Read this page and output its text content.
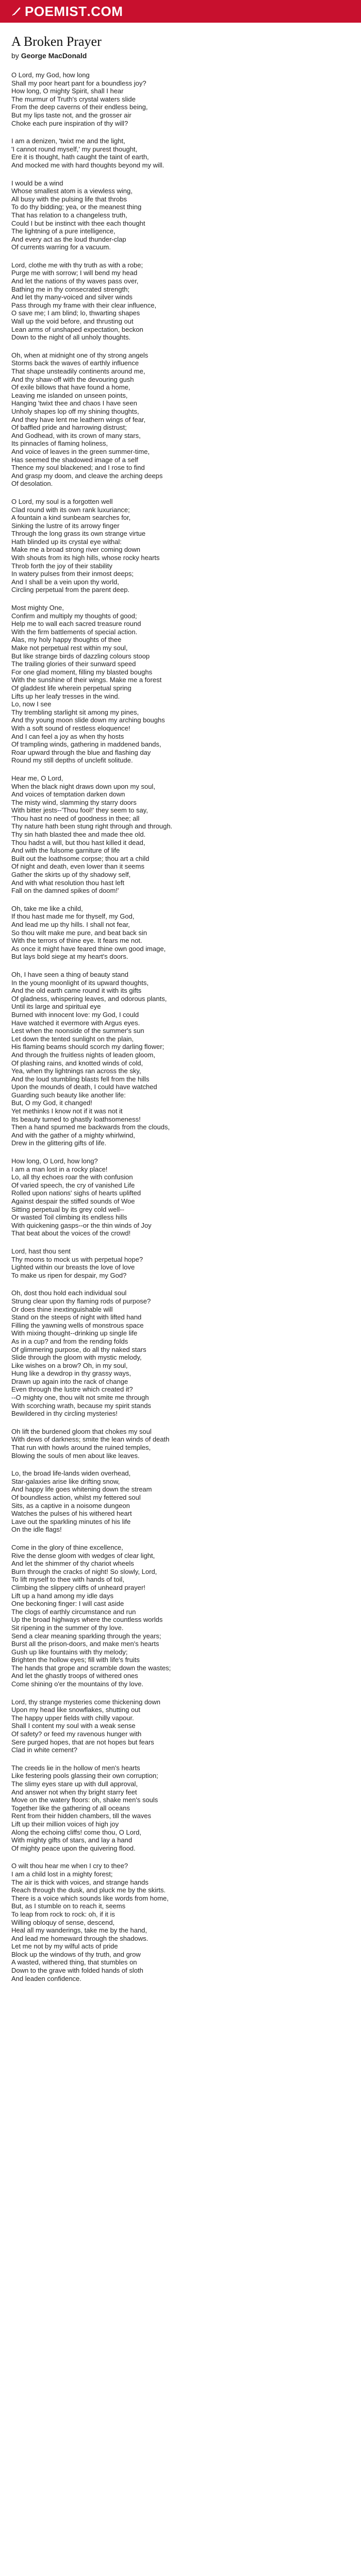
POEMIST .COM
A Broken Prayer
by George MacDonald
O Lord, my God, how long
Shall my poor heart pant for a boundless joy?
How long, O mighty Spirit, shall I hear
The murmur of Truth's crystal waters slide
From the deep caverns of their endless being,
But my lips taste not, and the grosser air
Choke each pure inspiration of thy will?
I am a denizen, 'twixt me and the light,
'I cannot round myself,' my purest thought,
Ere it is thought, hath caught the taint of earth,
And mocked me with hard thoughts beyond my will.
I would be a wind
Whose smallest atom is a viewless wing,
All busy with the pulsing life that throbs
To do thy bidding; yea, or the meanest thing
That has relation to a changeless truth,
Could I but be instinct with thee each thought
The lightning of a pure intelligence,
And every act as the loud thunder-clap
Of currents warring for a vacuum.
Lord, clothe me with thy truth as with a robe;
Purge me with sorrow; I will bend my head
And let the nations of thy waves pass over,
Bathing me in thy consecrated strength;
And let thy many-voiced and silver winds
Pass through my frame with their clear influence,
O save me; I am blind; lo, thwarting shapes
Wall up the void before, and thrusting out
Lean arms of unshaped expectation, beckon
Down to the night of all unholy thoughts.
Oh, when at midnight one of thy strong angels
Storms back the waves of earthly influence
That shape unsteadily continents around me,
And thy shaw-off with the devouring gush
Of exile billows that have found a home,
Leaving me islanded on unseen points,
Hanging 'twixt thee and chaos I have seen
Unholy shapes lop off my shining thoughts,
And they have lent me leathern wings of fear,
Of baffled pride and harrowing distrust;
And Godhead, with its crown of many stars,
Its pinnacles of flaming holiness,
And voice of leaves in the green summer-time,
Has seemed the shadowed image of a self
Thence my soul blackened; and I rose to find
And grasp my doom, and cleave the arching deeps
Of desolation.
O Lord, my soul is a forgotten well
Clad round with its own rank luxuriance;
A fountain a kind sunbeam searches for,
Sinking the lustre of its arrowy finger
Through the long grass its own strange virtue
Hath blinded up its crystal eye withal:
Make me a broad strong river coming down
With shouts from its high hills, whose rocky hearts
Throb forth the joy of their stability
In watery pulses from their inmost deeps;
And I shall be a vein upon thy world,
Circling perpetual from the parent deep.
Most mighty One,
Confirm and multiply my thoughts of good;
Help me to wall each sacred treasure round
With the firm battlements of special action.
Alas, my holy happy thoughts of thee
Make not perpetual rest within my soul,
But like strange birds of dazzling colours stoop
The trailing glories of their sunward speed
For one glad moment, filling my blasted boughs
With the sunshine of their wings. Make me a forest
Of gladdest life wherein perpetual spring
Lifts up her leafy tresses in the wind.
Lo, now I see
Thy trembling starlight sit among my pines,
And thy young moon slide down my arching boughs
With a soft sound of restless eloquence!
And I can feel a joy as when thy hosts
Of trampling winds, gathering in maddened bands,
Roar upward through the blue and flashing day
Round my still depths of unclefit solitude.
Hear me, O Lord,
When the black night draws down upon my soul,
And voices of temptation darken down
The misty wind, slamming thy starry doors
With bitter jests--'Thou fool!' they seem to say,
'Thou hast no need of goodness in thee; all
Thy nature hath been stung right through and through.
Thy sin hath blasted thee and made thee old.
Thou hadst a will, but thou hast killed it dead,
And with the fulsome garniture of life
Built out the loathsome corpse; thou art a child
Of night and death, even lower than it seems
Gather the skirts up of thy shadowy self,
And with what resolution thou hast left
Fall on the damned spikes of doom!'
Oh, take me like a child,
If thou hast made me for thyself, my God,
And lead me up thy hills. I shall not fear,
So thou wilt make me pure, and beat back sin
With the terrors of thine eye. It fears me not.
As once it might have feared thine own good image,
But lays bold siege at my heart's doors.
Oh, I have seen a thing of beauty stand
In the young moonlight of its upward thoughts,
And the old earth came round it with its gifts
Of gladness, whispering leaves, and odorous plants,
Until its large and spiritual eye
Burned with innocent love: my God, I could
Have watched it evermore with Argus eyes.
Lest when the noonside of the summer's sun
Let down the tented sunlight on the plain,
His flaming beams should scorch my darling flower;
And through the fruitless nights of leaden gloom,
Of plashing rains, and knotted winds of cold,
Yea, when thy lightnings ran across the sky,
And the loud stumbling blasts fell from the hills
Upon the mounds of death, I could have watched
Guarding such beauty like another life:
But, O my God, it changed!
Yet methinks I know not if it was not it
Its beauty turned to ghastly loathsomeness!
Then a hand spurned me backwards from the clouds,
And with the gather of a mighty whirlwind,
Drew in the glittering gifts of life.
How long, O Lord, how long?
I am a man lost in a rocky place!
Lo, all thy echoes roar the with confusion
Of varied speech, the cry of vanished Life
Rolled upon nations' sighs of hearts uplifted
Against despair the stiffed sounds of Woe
Sitting perpetual by its grey cold well--
Or wasted Toil climbing its endless hills
With quickening gasps--or the thin winds of Joy
That beat about the voices of the crowd!
Lord, hast thou sent
Thy moons to mock us with perpetual hope?
Lighted within our breasts the love of love
To make us ripen for despair, my God?
Oh, dost thou hold each individual soul
Strung clear upon thy flaming rods of purpose?
Or does thine inextinguishable will
Stand on the steeps of night with lifted hand
Filling the yawning wells of monstrous space
With mixing thought--drinking up single life
As in a cup? and from the rending folds
Of glimmering purpose, do all thy naked stars
Slide through the gloom with mystic melody,
Like wishes on a brow? Oh, in my soul,
Hung like a dewdrop in thy grassy ways,
Drawn up again into the rack of change
Even through the lustre which created it?
--O mighty one, thou wilt not smite me through
With scorching wrath, because my spirit stands
Bewildered in thy circling mysteries!
Oh lift the burdened gloom that chokes my soul
With dews of darkness; smite the lean winds of death
That run with howls around the ruined temples,
Blowing the souls of men about like leaves.
Lo, the broad life-lands widen overhead,
Star-galaxies arise like drifting snow,
And happy life goes whitening down the stream
Of boundless action, whilst my fettered soul
Sits, as a captive in a noisome dungeon
Watches the pulses of his withered heart
Lave out the sparkling minutes of his life
On the idle flags!
Come in the glory of thine excellence,
Rive the dense gloom with wedges of clear light,
And let the shimmer of thy chariot wheels
Burn through the cracks of night! So slowly, Lord,
To lift myself to thee with hands of toil,
Climbing the slippery cliffs of unheard prayer!
Lift up a hand among my idle days
One beckoning finger: I will cast aside
The clogs of earthly circumstance and run
Up the broad highways where the countless worlds
Sit ripening in the summer of thy love.
Send a clear meaning sparkling through the years;
Burst all the prison-doors, and make men's hearts
Gush up like fountains with thy melody;
Brighten the hollow eyes; fill with life's fruits
The hands that grope and scramble down the wastes;
And let the ghastly troops of withered ones
Come shining o'er the mountains of thy love.
Lord, thy strange mysteries come thickening down
Upon my head like snowflakes, shutting out
The happy upper fields with chilly vapour.
Shall I content my soul with a weak sense
Of safety? or feed my ravenous hunger with
Sere purged hopes, that are not hopes but fears
Clad in white cement?
The creeds lie in the hollow of men's hearts
Like festering pools glassing their own corruption;
The slimy eyes stare up with dull approval,
And answer not when thy bright starry feet
Move on the watery floors: oh, shake men's souls
Together like the gathering of all oceans
Rent from their hidden chambers, till the waves
Lift up their million voices of high joy
Along the echoing cliffs! come thou, O Lord,
With mighty gifts of stars, and lay a hand
Of mighty peace upon the quivering flood.
O wilt thou hear me when I cry to thee?
I am a child lost in a mighty forest;
The air is thick with voices, and strange hands
Reach through the dusk, and pluck me by the skirts.
There is a voice which sounds like words from home,
But, as I stumble on to reach it, seems
To leap from rock to rock: oh, if it is
Willing obloquy of sense, descend,
Heal all my wanderings, take me by the hand,
And lead me homeward through the shadows.
Let me not by my wilful acts of pride
Block up the windows of thy truth, and grow
A wasted, withered thing, that stumbles on
Down to the grave with folded hands of sloth
And leaden confidence.
